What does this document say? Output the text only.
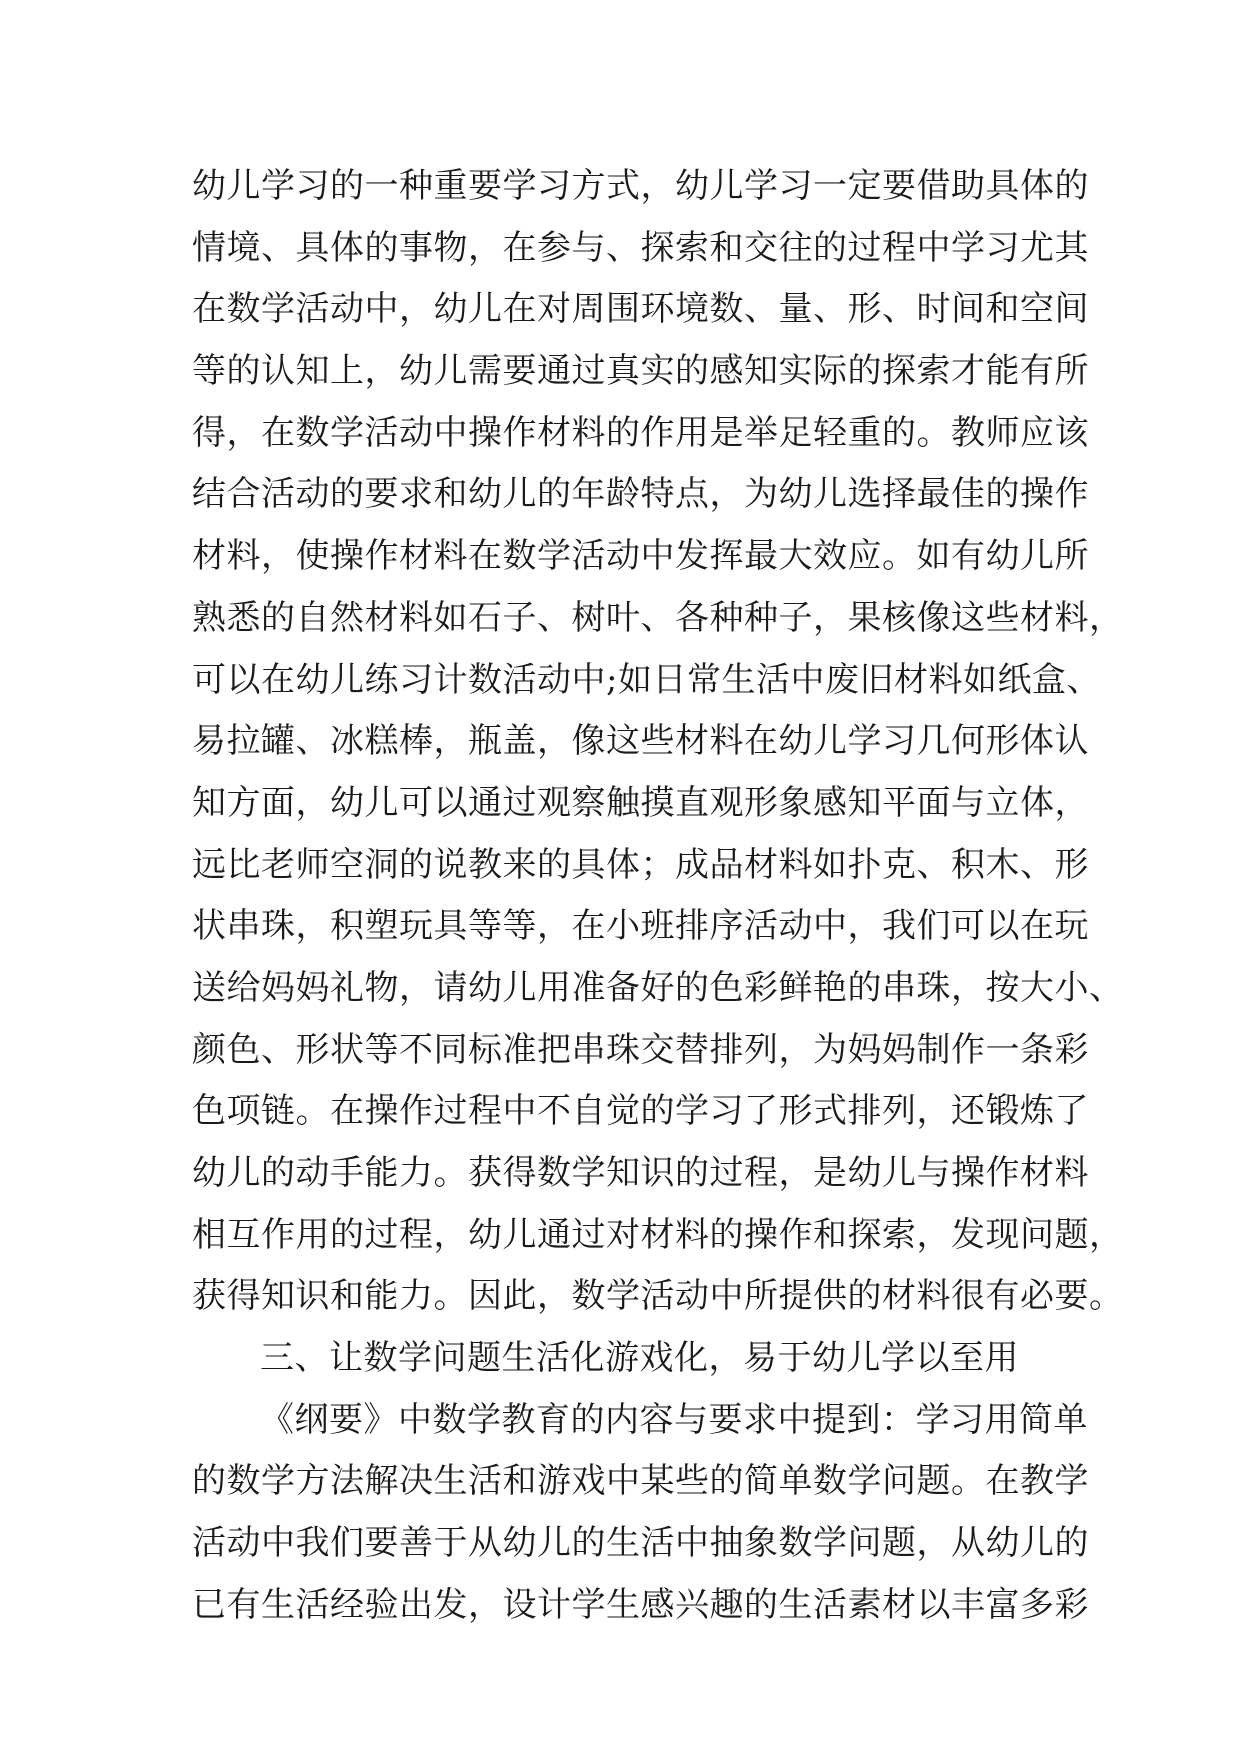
幼儿学习的一种重要学习方式，幼儿学习一定要借助具体的
情境、具体的事物，在参与、探索和交往的过程中学习尤其
在数学活动中，幼儿在对周围环境数、量、形、时间和空间
等的认知上，幼儿需要通过真实的感知实际的探索才能有所
得，在数学活动中操作材料的作用是举足轻重的。教师应该
结合活动的要求和幼儿的年龄特点，为幼儿选择最佳的操作
材料，使操作材料在数学活动中发挥最大效应。如有幼儿所
熟悉的自然材料如石子、树叶、各种种子，果核像这些材料，
可以在幼儿练习计数活动中;如日常生活中废旧材料如纸盒、
易拉罐、冰糕棒，瓶盖，像这些材料在幼儿学习几何形体认
知方面，幼儿可以通过观察触摸直观形象感知平面与立体，
远比老师空洞的说教来的具体；成品材料如扑克、积木、形
状串珠，积塑玩具等等，在小班排序活动中，我们可以在玩
送给妈妈礼物，请幼儿用准备好的色彩鲜艳的串珠，按大小、
颜色、形状等不同标准把串珠交替排列，为妈妈制作一条彩
色项链。在操作过程中不自觉的学习了形式排列，还锻炼了
幼儿的动手能力。获得数学知识的过程，是幼儿与操作材料
相互作用的过程，幼儿通过对材料的操作和探索，发现问题，
获得知识和能力。因此，数学活动中所提供的材料很有必要。
三、让数学问题生活化游戏化，易于幼儿学以至用
《纲要》中数学教育的内容与要求中提到：学习用简单
的数学方法解决生活和游戏中某些的简单数学问题。在教学
活动中我们要善于从幼儿的生活中抽象数学问题，从幼儿的
已有生活经验出发，设计学生感兴趣的生活素材以丰富多彩
